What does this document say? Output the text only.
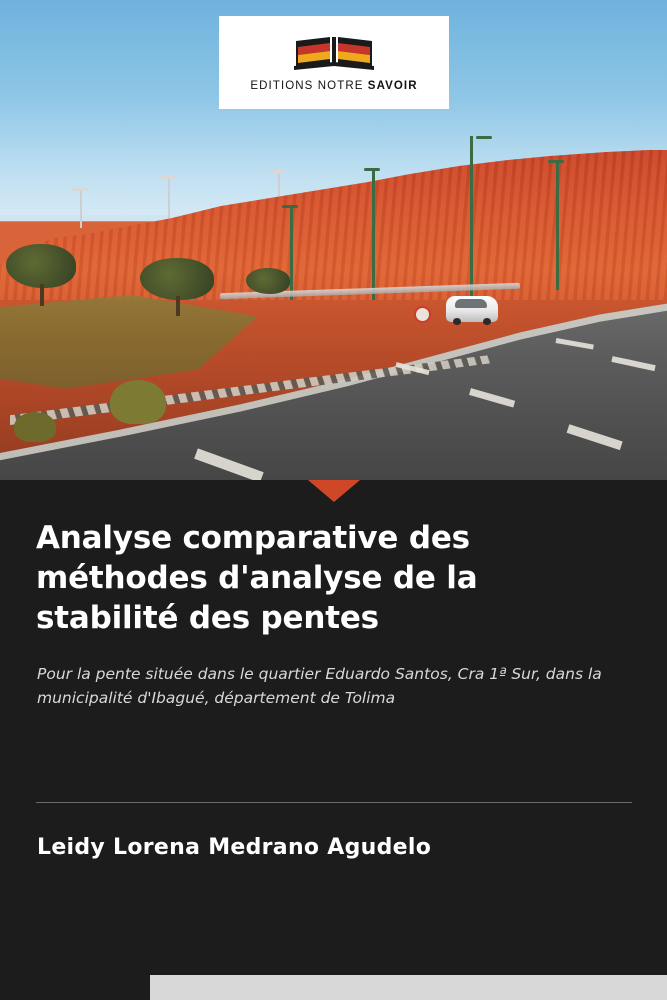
EDITIONS NOTRE SAVOIR
Analyse comparative des méthodes d'analyse de la stabilité des pentes
Pour la pente située dans le quartier Eduardo Santos, Cra 1ª Sur, dans la municipalité d'Ibagué, département de Tolima
Leidy Lorena Medrano Agudelo
